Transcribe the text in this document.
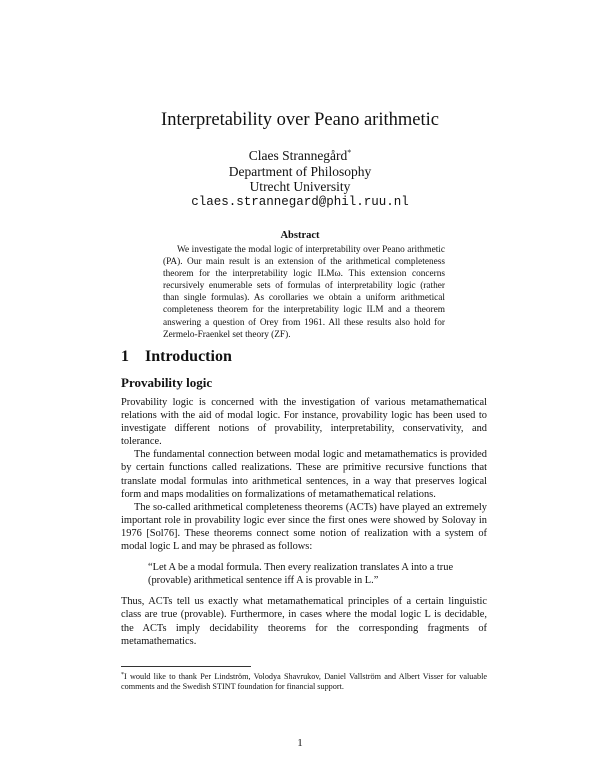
Interpretability over Peano arithmetic
Claes Strannegård*
Department of Philosophy
Utrecht University
claes.strannegard@phil.ruu.nl
Abstract

We investigate the modal logic of interpretability over Peano arithmetic (PA). Our main result is an extension of the arithmetical completeness theorem for the interpretability logic ILMω. This extension concerns recursively enumerable sets of formulas of interpretability logic (rather than single formulas). As corollaries we obtain a uniform arithmetical completeness theorem for the interpretability logic ILM and a theorem answering a question of Orey from 1961. All these results also hold for Zermelo-Fraenkel set theory (ZF).

1 Introduction
Provability logic

Provability logic is concerned with the investigation of various metamathematical relations with the aid of modal logic. For instance, provability logic has been used to investigate different notions of provability, interpretability, conservativity, and tolerance.

The fundamental connection between modal logic and metamathematics is provided by certain functions called realizations. These are primitive recursive functions that translate modal formulas into arithmetical sentences, in a way that preserves logical form and maps modalities on formalizations of metamathematical relations.

The so-called arithmetical completeness theorems (ACTs) have played an extremely important role in provability logic ever since the first ones were showed by Solovay in 1976 [Sol76]. These theorems connect some notion of realization with a system of modal logic L and may be phrased as follows:

“Let A be a modal formula. Then every realization translates A into a true (provable) arithmetical sentence iff A is provable in L.”

Thus, ACTs tell us exactly what metamathematical principles of a certain linguistic class are true (provable). Furthermore, in cases where the modal logic L is decidable, the ACTs imply decidability theorems for the corresponding fragments of metamathematics.

*I would like to thank Per Lindström, Volodya Shavrukov, Daniel Vallström and Albert Visser for valuable comments and the Swedish STINT foundation for financial support.
1
